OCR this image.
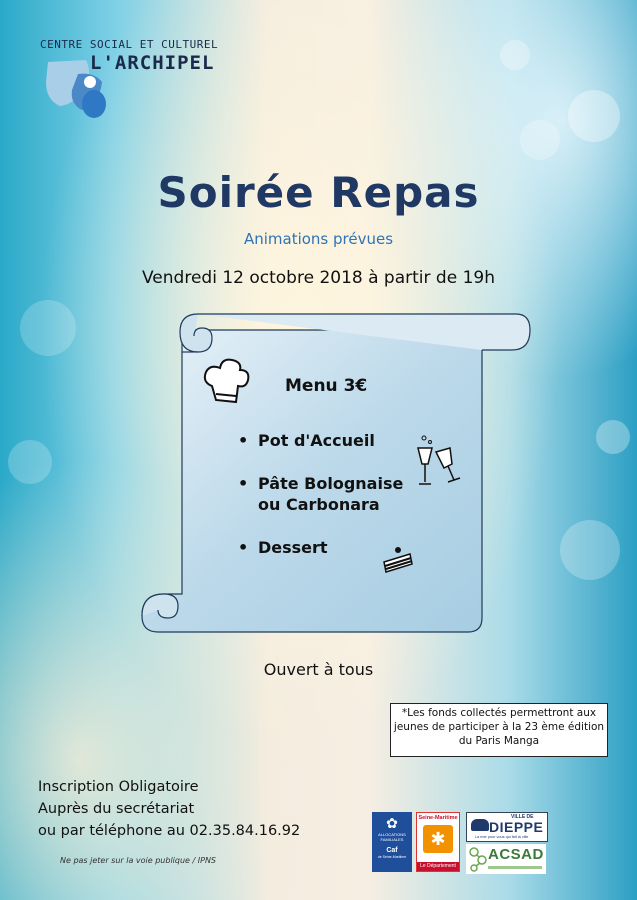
CENTRE SOCIAL ET CULTUREL
L'ARCHIPEL
Soirée Repas
Animations prévues
Vendredi 12 octobre 2018 à partir de 19h
Menu 3€
• Pot d'Accueil
• Pâte Bolognaise
ou Carbonara
• Dessert
Ouvert à tous
*Les fonds collectés permettront aux jeunes de participer à la 23 ème édition du Paris Manga
Inscription Obligatoire
Auprès du secrétariat
ou par téléphone au 02.35.84.16.92
Ne pas jeter sur la voie publique / IPNS
✿
ALLOCATIONS
FAMILIALES
Caf
de Seine-Maritime
Seine-Maritime
✱
Le Département
VILLE DE
DIEPPE
La mer pour vous qui fait la ville
ACSAD
